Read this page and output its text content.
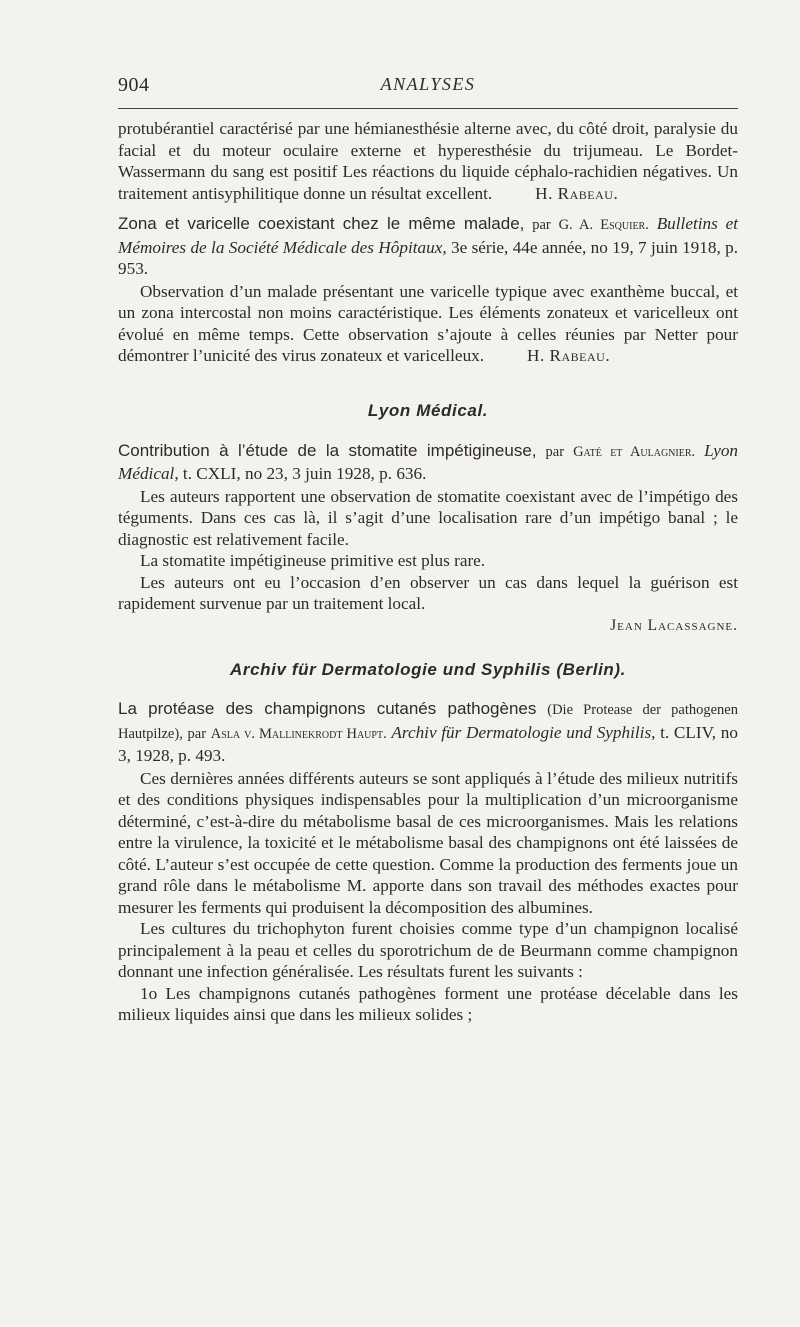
904	ANALYSES

protubérantiel caractérisé par une hémianesthésie alterne avec, du côté droit, paralysie du facial et du moteur oculaire externe et hyperesthésie du trijumeau. Le Bordet-Wassermann du sang est positif Les réactions du liquide céphalo-rachidien négatives. Un traitement antisyphilitique donne un résultat excellent. H. Rabeau.

Zona et varicelle coexistant chez le même malade, par G. A. Esquier. Bulletins et Mémoires de la Société Médicale des Hôpitaux, 3e série, 44e année, no 19, 7 juin 1918, p. 953.

Observation d’un malade présentant une varicelle typique avec exanthème buccal, et un zona intercostal non moins caractéristique. Les éléments zonateux et varicelleux ont évolué en même temps. Cette observation s’ajoute à celles réunies par Netter pour démontrer l’unicité des virus zonateux et varicelleux. H. Rabeau.

Lyon Médical.

Contribution à l’étude de la stomatite impétigineuse, par Gaté et Aulagnier. Lyon Médical, t. CXLI, no 23, 3 juin 1928, p. 636.

Les auteurs rapportent une observation de stomatite coexistant avec de l’impétigo des téguments. Dans ces cas là, il s’agit d’une localisation rare d’un impétigo banal ; le diagnostic est relativement facile.

La stomatite impétigineuse primitive est plus rare.

Les auteurs ont eu l’occasion d’en observer un cas dans lequel la guérison est rapidement survenue par un traitement local.

Jean Lacassagne.

Archiv für Dermatologie und Syphilis (Berlin).

La protéase des champignons cutanés pathogènes (Die Protease der pathogenen Hautpilze), par Asla v. Mallinekrodt Haupt. Archiv für Dermatologie und Syphilis, t. CLIV, no 3, 1928, p. 493.

Ces dernières années différents auteurs se sont appliqués à l’étude des milieux nutritifs et des conditions physiques indispensables pour la multiplication d’un microorganisme déterminé, c’est-à-dire du métabolisme basal de ces microorganismes. Mais les relations entre la virulence, la toxicité et le métabolisme basal des champignons ont été laissées de côté. L’auteur s’est occupée de cette question. Comme la production des ferments joue un grand rôle dans le métabolisme M. apporte dans son travail des méthodes exactes pour mesurer les ferments qui produisent la décomposition des albumines.

Les cultures du trichophyton furent choisies comme type d’un champignon localisé principalement à la peau et celles du sporotrichum de de Beurmann comme champignon donnant une infection généralisée. Les résultats furent les suivants :

1o Les champignons cutanés pathogènes forment une protéase décelable dans les milieux liquides ainsi que dans les milieux solides ;
